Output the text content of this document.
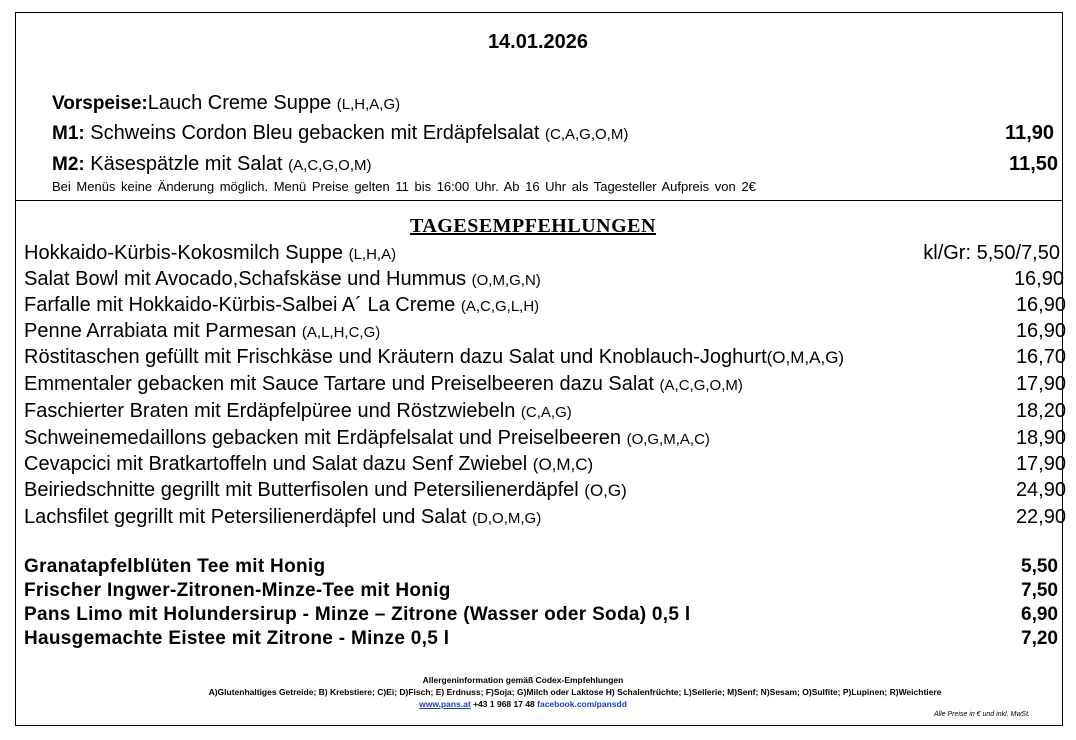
14.01.2026
Vorspeise:Lauch Creme Suppe (L,H,A,G)
M1: Schweins Cordon Bleu gebacken mit Erdäpfelsalat (C,A,G,O,M)	11,90
M2: Käsespätzle mit Salat (A,C,G,O,M)	11,50
Bei Menüs keine Änderung möglich. Menü Preise gelten 11 bis 16:00 Uhr. Ab 16 Uhr als Tagesteller Aufpreis von 2€
TAGESEMPFEHLUNGEN
Hokkaido-Kürbis-Kokosmilch Suppe (L,H,A)	kl/Gr: 5,50/7,50
Salat Bowl mit Avocado,Schafskäse und Hummus (O,M,G,N)	16,90
Farfalle mit Hokkaido-Kürbis-Salbei A´ La Creme (A,C,G,L,H)	16,90
Penne Arrabiata mit Parmesan (A,L,H,C,G)	16,90
Röstitaschen gefüllt mit Frischkäse und Kräutern dazu Salat und Knoblauch-Joghurt(O,M,A,G)	16,70
Emmentaler gebacken mit Sauce Tartare und Preiselbeeren dazu Salat (A,C,G,O,M)	17,90
Faschierter Braten mit Erdäpfelpüree und Röstzwiebeln (C,A,G)	18,20
Schweinemedaillons gebacken mit Erdäpfelsalat und Preiselbeeren (O,G,M,A,C)	18,90
Cevapcici mit Bratkartoffeln und Salat dazu Senf Zwiebel (O,M,C)	17,90
Beiriedschnitte gegrillt mit Butterfisolen und Petersilienerdäpfel (O,G)	24,90
Lachsfilet gegrillt mit Petersilienerdäpfel und Salat (D,O,M,G)	22,90
Granatapfelblüten Tee mit Honig	5,50
Frischer Ingwer-Zitronen-Minze-Tee mit Honig	7,50
Pans Limo mit Holundersirup - Minze – Zitrone (Wasser oder Soda) 0,5 l	6,90
Hausgemachte Eistee mit Zitrone - Minze 0,5 l	7,20
Allergeninformation gemäß Codex-Empfehlungen
A)Glutenhaltiges Getreide; B) Krebstiere; C)Ei; D)Fisch; E) Erdnuss; F)Soja; G)Milch oder Laktose H) Schalenfrüchte; L)Sellerie; M)Senf; N)Sesam; O)Sulfite; P)Lupinen; R)Weichtiere
www.pans.at +43 1 968 17 48 facebook.com/pansdd
Alle Preise in € und inkl. MwSt.
